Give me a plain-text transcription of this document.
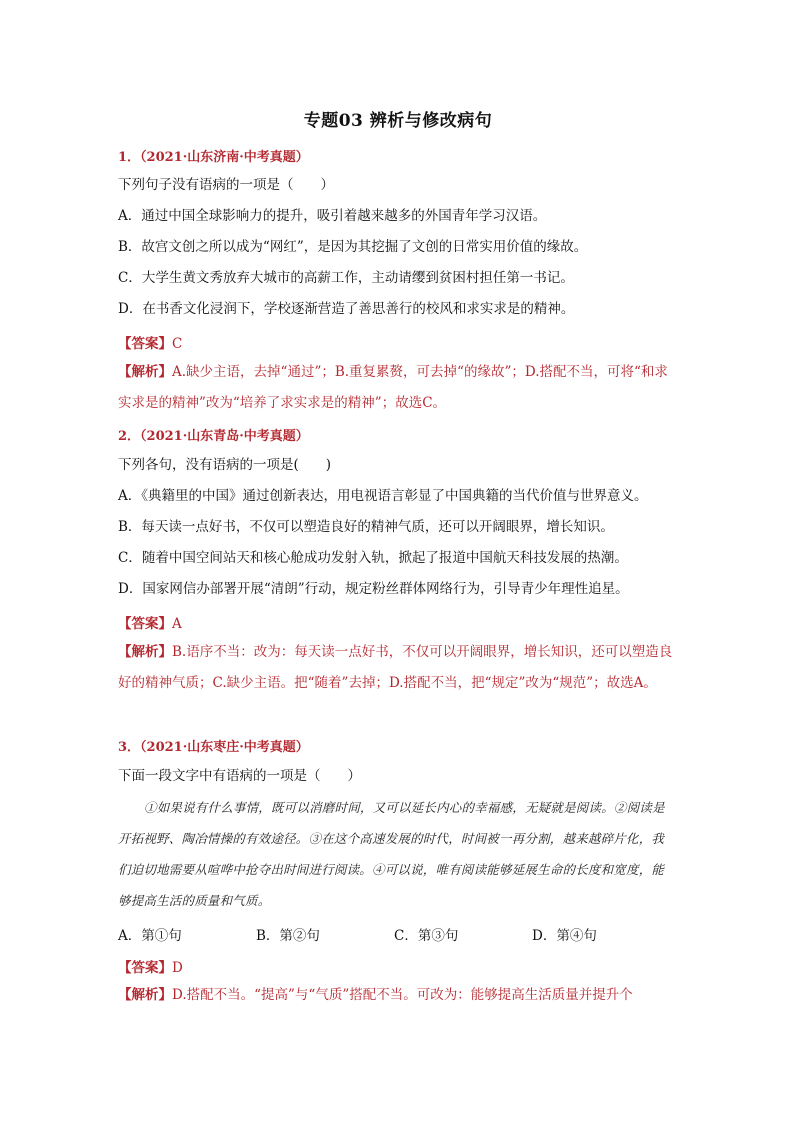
专题03 辨析与修改病句
1．（2021·山东济南·中考真题）
下列句子没有语病的一项是（　　）
A．通过中国全球影响力的提升，吸引着越来越多的外国青年学习汉语。
B．故宫文创之所以成为“网红”，是因为其挖掘了文创的日常实用价值的缘故。
C．大学生黄文秀放弃大城市的高薪工作，主动请缨到贫困村担任第一书记。
D．在书香文化浸润下，学校逐渐营造了善思善行的校风和求实求是的精神。
【答案】C
【解析】A.缺少主语，去掉“通过”；B.重复累赘，可去掉“的缘故”；D.搭配不当，可将“和求实求是的精神”改为“培养了求实求是的精神”；故选C。
2．（2021·山东青岛·中考真题）
下列各句，没有语病的一项是(　　)
A．《典籍里的中国》通过创新表达，用电视语言彰显了中国典籍的当代价值与世界意义。
B．每天读一点好书，不仅可以塑造良好的精神气质，还可以开阔眼界，增长知识。
C．随着中国空间站天和核心舱成功发射入轨，掀起了报道中国航天科技发展的热潮。
D．国家网信办部署开展“清朗”行动，规定粉丝群体网络行为，引导青少年理性追星。
【答案】A
【解析】B.语序不当：改为：每天读一点好书，不仅可以开阔眼界，增长知识，还可以塑造良好的精神气质；C.缺少主语。把“随着”去掉；D.搭配不当，把“规定”改为“规范”；故选A。
3．（2021·山东枣庄·中考真题）
下面一段文字中有语病的一项是（　　）
①如果说有什么事情，既可以消磨时间，又可以延长内心的幸福感，无疑就是阅读。②阅读是开拓视野、陶冶情操的有效途径。③在这个高速发展的时代，时间被一再分割，越来越碎片化，我们迫切地需要从喧哗中抢夺出时间进行阅读。④可以说，唯有阅读能够延展生命的长度和宽度，能够提高生活的质量和气质。
A．第①句	B．第②句	C．第③句	D．第④句
【答案】D
【解析】D.搭配不当。“提高”与“气质”搭配不当。可改为：能够提高生活质量并提升个
